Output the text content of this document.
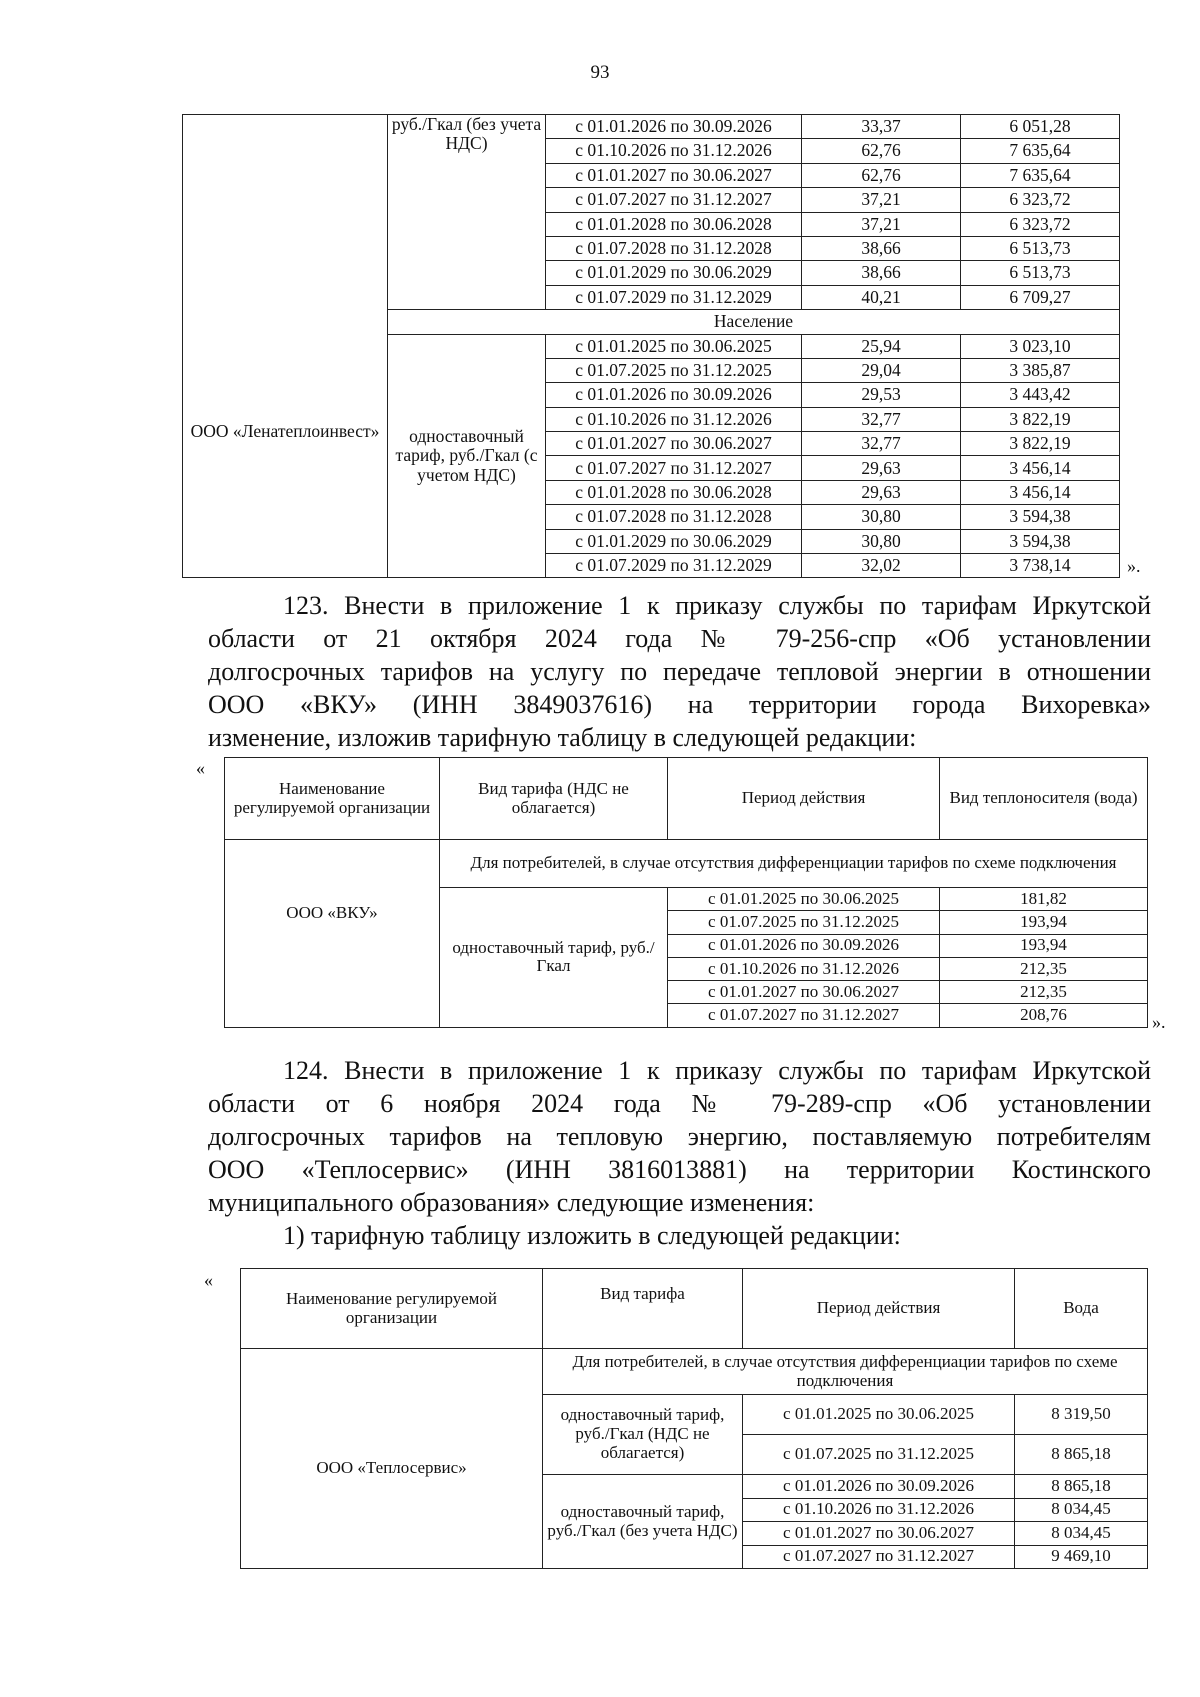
93
ООО «Ленатеплоинвест»	руб./Гкал (без учета НДС)	с 01.01.2026 по 30.09.2026	33,37	6 051,28
		с 01.10.2026 по 31.12.2026	62,76	7 635,64
		с 01.01.2027 по 30.06.2027	62,76	7 635,64
		с 01.07.2027 по 31.12.2027	37,21	6 323,72
		с 01.01.2028 по 30.06.2028	37,21	6 323,72
		с 01.07.2028 по 31.12.2028	38,66	6 513,73
		с 01.01.2029 по 30.06.2029	38,66	6 513,73
		с 01.07.2029 по 31.12.2029	40,21	6 709,27
	Население			
	одноставочный тариф, руб./Гкал (с учетом НДС)	с 01.01.2025 по 30.06.2025	25,94	3 023,10
		с 01.07.2025 по 31.12.2025	29,04	3 385,87
		с 01.01.2026 по 30.09.2026	29,53	3 443,42
		с 01.10.2026 по 31.12.2026	32,77	3 822,19
		с 01.01.2027 по 30.06.2027	32,77	3 822,19
		с 01.07.2027 по 31.12.2027	29,63	3 456,14
		с 01.01.2028 по 30.06.2028	29,63	3 456,14
		с 01.07.2028 по 31.12.2028	30,80	3 594,38
		с 01.01.2029 по 30.06.2029	30,80	3 594,38
		с 01.07.2029 по 31.12.2029	32,02	3 738,14	».
123. Внести в приложение 1 к приказу службы по тарифам Иркутской
области от 21 октября 2024 года № 79-256-спр «Об установлении
долгосрочных тарифов на услугу по передаче тепловой энергии в отношении
ООО «ВКУ» (ИНН 3849037616) на территории города Вихоревка»
изменение, изложив тарифную таблицу в следующей редакции:
«
Наименование регулируемой организации	Вид тарифа (НДС не облагается)	Период действия	Вид теплоносителя (вода)
ООО «ВКУ»	Для потребителей, в случае отсутствия дифференциации тарифов по схеме подключения		
	одноставочный тариф, руб./Гкал	с 01.01.2025 по 30.06.2025	181,82
		с 01.07.2025 по 31.12.2025	193,94
		с 01.01.2026 по 30.09.2026	193,94
		с 01.10.2026 по 31.12.2026	212,35
		с 01.01.2027 по 30.06.2027	212,35
		с 01.07.2027 по 31.12.2027	208,76	».
124. Внести в приложение 1 к приказу службы по тарифам Иркутской
области от 6 ноября 2024 года № 79-289-спр «Об установлении
долгосрочных тарифов на тепловую энергию, поставляемую потребителям
ООО «Теплосервис» (ИНН 3816013881) на территории Костинского
муниципального образования» следующие изменения:
1) тарифную таблицу изложить в следующей редакции:
«
Наименование регулируемой организации	Вид тарифа	Период действия	Вода
ООО «Теплосервис»	Для потребителей, в случае отсутствия дифференциации тарифов по схеме подключения		
	одноставочный тариф, руб./Гкал (НДС не облагается)	с 01.01.2025 по 30.06.2025	8 319,50
		с 01.07.2025 по 31.12.2025	8 865,18
	одноставочный тариф, руб./Гкал (без учета НДС)	с 01.01.2026 по 30.09.2026	8 865,18
		с 01.10.2026 по 31.12.2026	8 034,45
		с 01.01.2027 по 30.06.2027	8 034,45
		с 01.07.2027 по 31.12.2027	9 469,10
